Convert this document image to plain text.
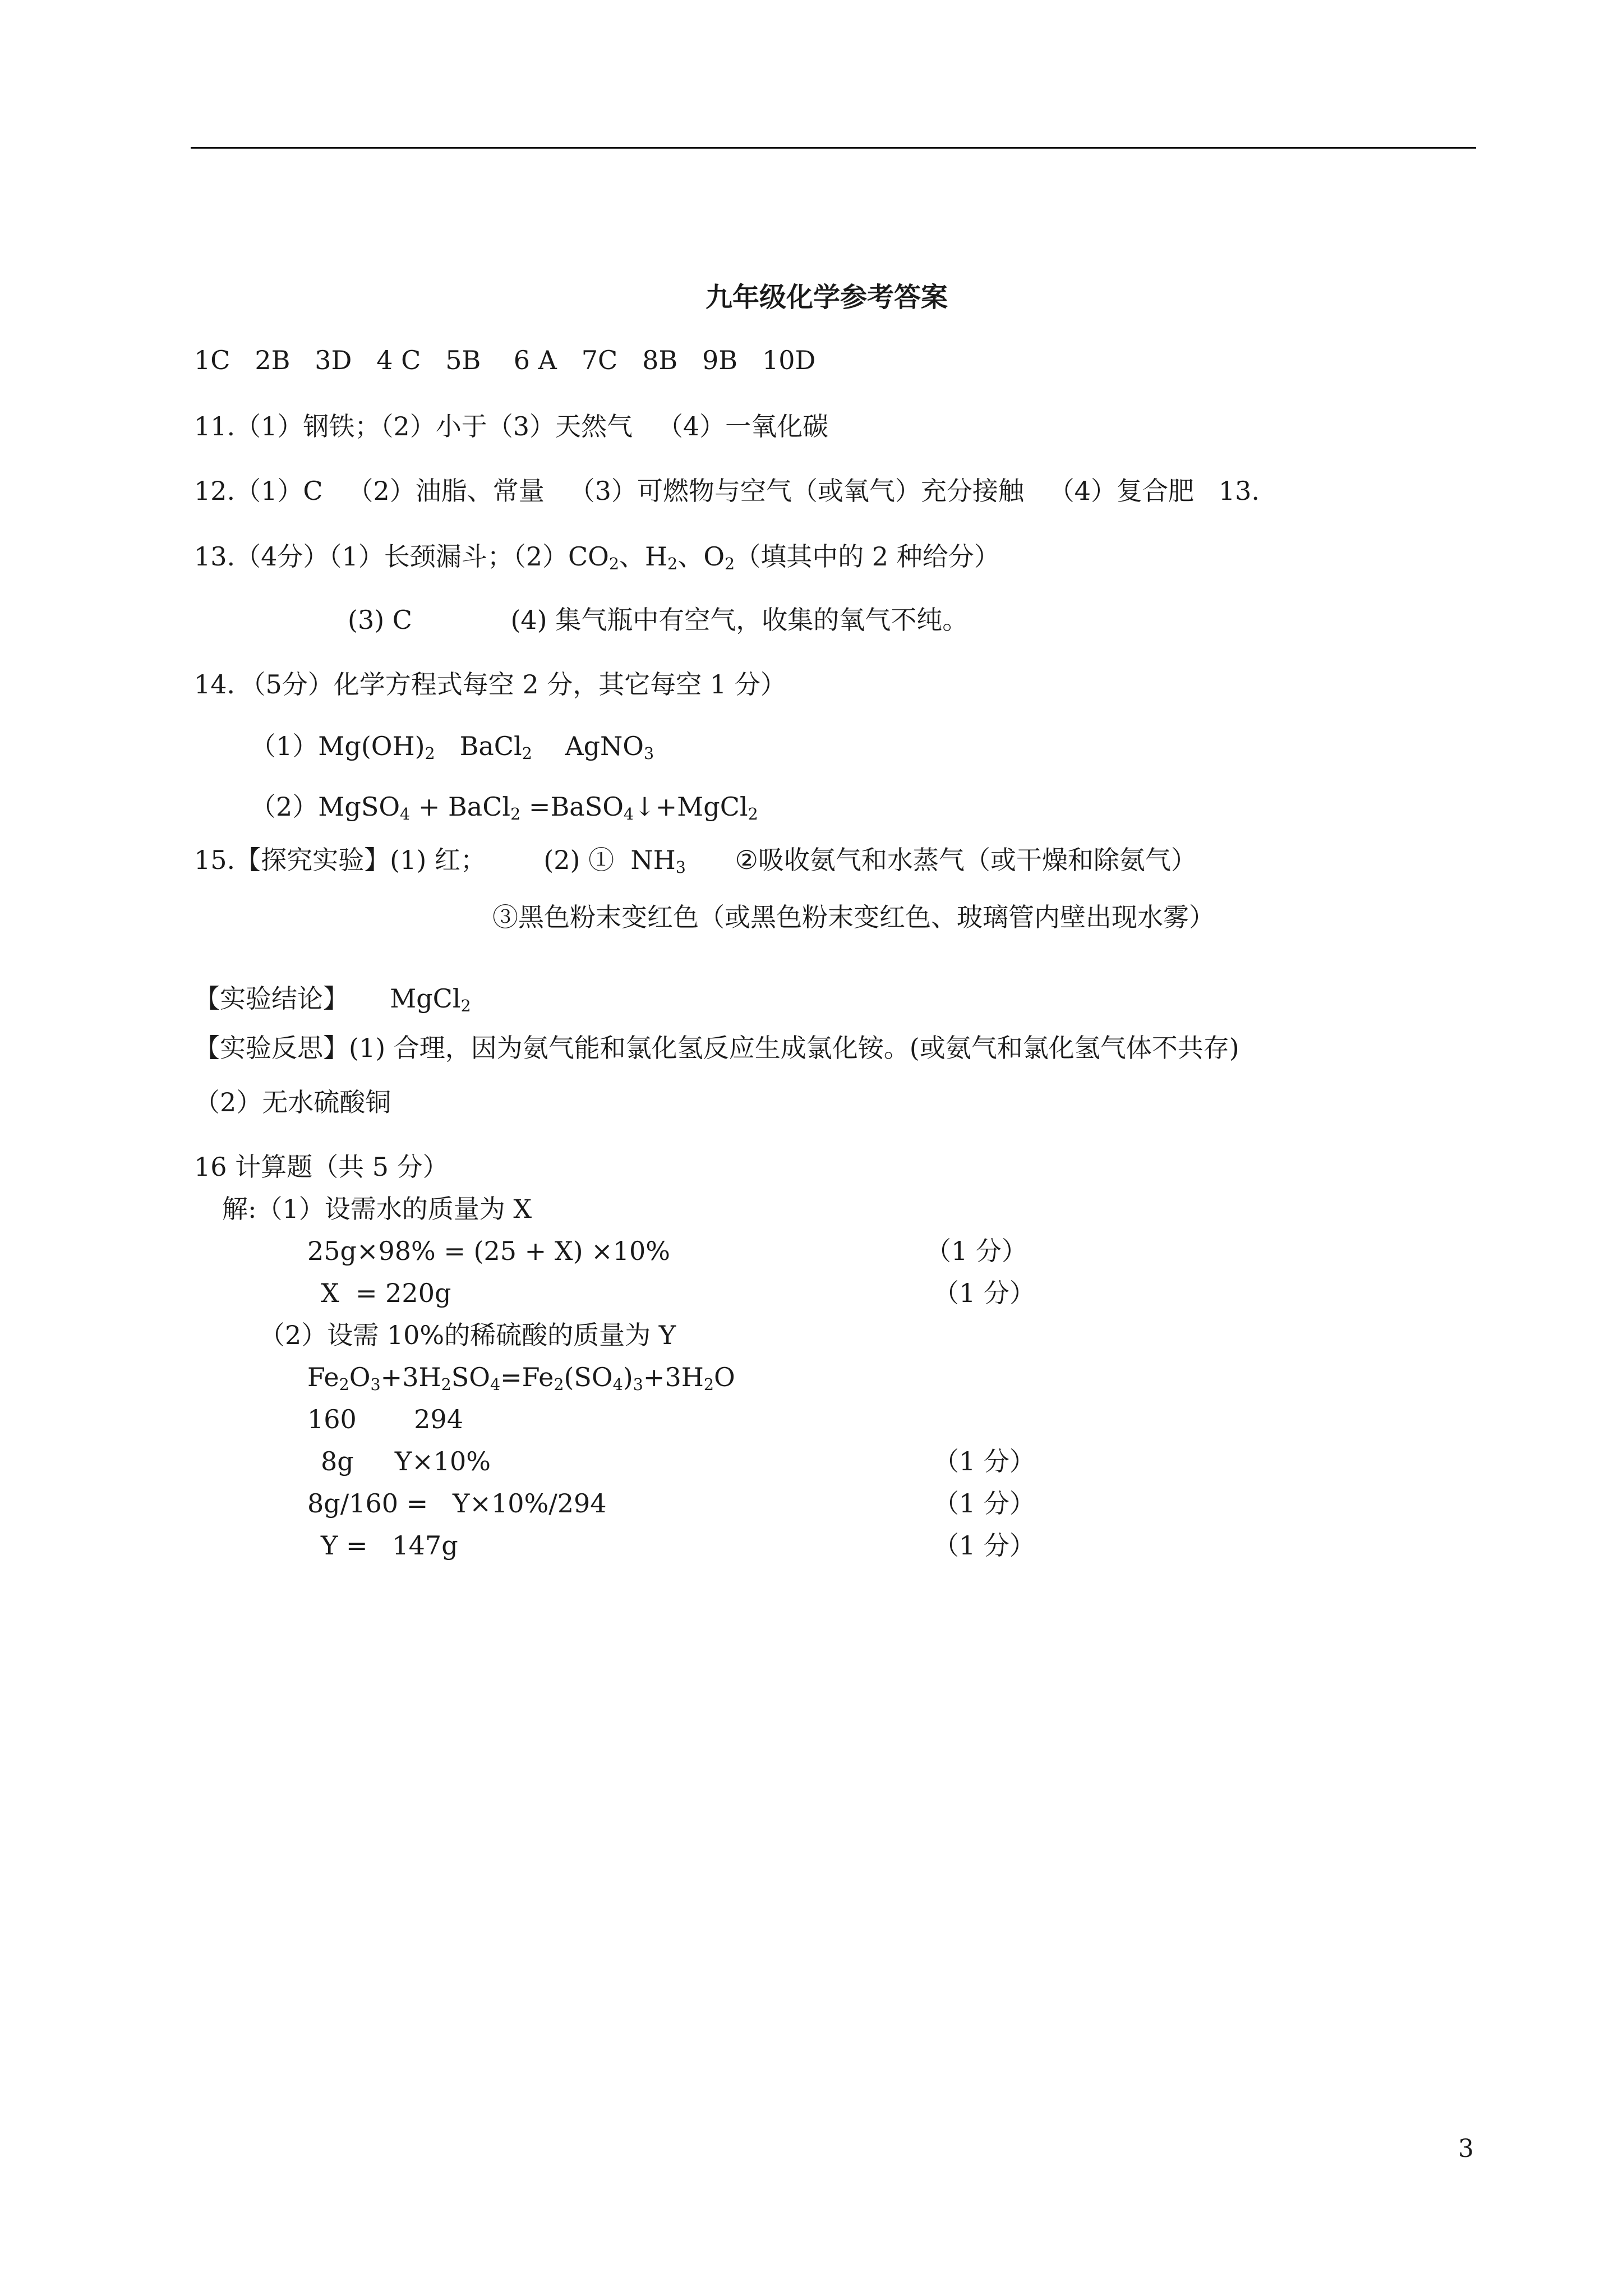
九年级化学参考答案
1C   2B   3D   4 C   5B    6 A   7C   8B   9B   10D
11.（1）钢铁；（2）小于（3）天然气   （4）一氧化碳
12.（1）C   （2）油脂、常量   （3）可燃物与空气（或氧气）充分接触   （4）复合肥   13.
13.（4分）（1）长颈漏斗；$(2)CO_2$、$H_2$、$O_2$（填其中的 2 种给分）
(3) C            (4) 集气瓶中有空气，收集的氧气不纯。
14．（5分）化学方程式每空 2 分，其它每空 1 分）
$(1)Mg(OH)_2$   BaCl$_2$    AgNO$_3$
（2）MgSO$_4$ + BaCl$_2$ =BaSO$_4$↓+MgCl$_2$
15.【探究实验】(1) 红；       (2) ①  $NH_3$      ②吸收氨气和水蒸气（或干燥和除氨气）
③黑色粉末变红色（或黑色粉末变红色、玻璃管内壁出现水雾）
【实验结论】     MgCl$_2$
【实验反思】(1) 合理，因为氨气能和氯化氢反应生成氯化铵。(或氨气和氯化氢气体不共存)
（2）无水硫酸铜
16 计算题（共 5 分）
解:（1）设需水的质量为 X
25g×98% = (25 + X) ×10%	（1 分）
X  = 220g	（1 分）
（2）设需 10%的稀硫酸的质量为 Y
$Fe_2O_3+3H_2SO_4=Fe_2(SO_4)_3+3H_2O$
160       294
8g     Y×10%	（1 分）
8g/160 =   Y×10%/294	（1 分）
Y =   147g	（1 分）
3
